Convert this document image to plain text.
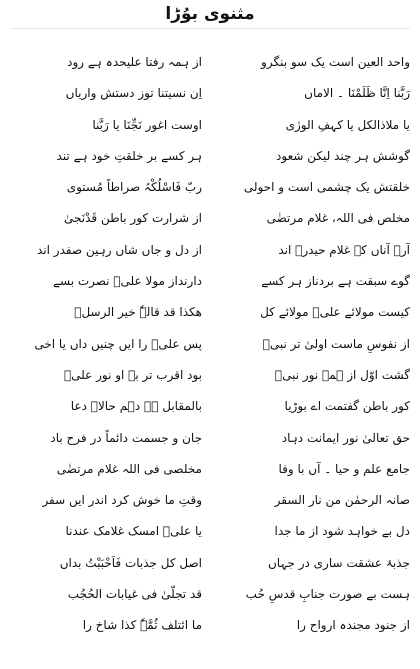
مثنوی بوُڑا
واحد العین است یک سو بنگرو
از ہمہ رفتا علیحدہ ہے رود
رَبَّنا اِنَّا ظَلَمْنَا ۔ الاماں
اِن نسیتنا توز دستش واریاں
یا ملاذالکل یا کہفِ الورٰی
اوست اغور نَجِّنَا یا رَبَّنا
گوشش ہر چند لیکن شعود
ہر کسے بر خلقتِ خود ہے تند
خلقتش یک چشمی است و احولی
ربّ فَاسْلُکْہُ صراطاً مُستوی
مخلص فی اللہ، غلام مرتضٰی
از شرارت کور باطن قَدْنَجیٰ
آرے آناں کہ غلام حیدرؑ اند
از دل و جاں شاں رہین صفدر اند
گوے سبقت ہے بردناز ہر کسے
دارنداز مولا علیؑ نصرت بسے
کیست مولائے علیؑ مولائے کل
ھکذا قد قالہٗ خیر الرسلؐ
از نفوسِ ماست اولیٰ تر نبیؐ
پس علیؑ را ایں چنیں داں یا اخی
گشت اوّل از ہمہ نور نبیؐ
بود اقرب تر بہ او نور علیؑ
کور باطن گفتمت اے بوڑیا
بالمقابل ہے دہم حالاؔ دعا
حق تعالیٰ نور ایمانت دہاد
جان و جسمت دائماً در فرح باد
جامع علم و حیا ۔ آں با وفا
مخلصی فی اللہ غلام مرتضٰی
صانہ الرحمٰن من نار السقر
وقتِ ما خوش کرد اندر ایں سفر
دل بے خواہد شود از ما جدا
یا علیؑ امسک غلامک عندنا
جذبۂ عشقت ساری در جہاں
اصل کل جذبات فَاَحْبَبْتُ بداں
ہست بے صورت جنابِ قدسِ حُب
قد تجلّیٰ فی غیابات الحُجُب
از جنود مجندہ ارواح را
ما ائتلف ثُمَّہٗ کذا شاخ را
